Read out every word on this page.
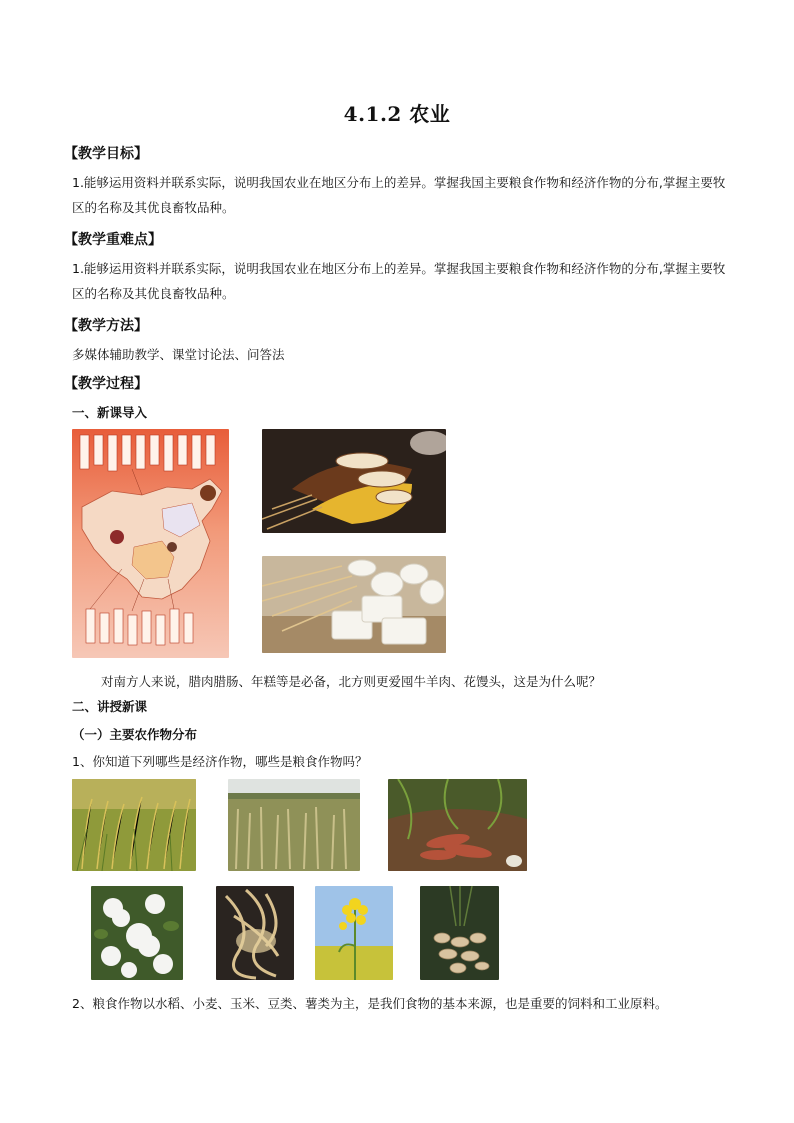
4.1.2 农业
【教学目标】
1.能够运用资料并联系实际，说明我国农业在地区分布上的差异。掌握我国主要粮食作物和经济作物的分布,掌握主要牧区的名称及其优良畜牧品种。
【教学重难点】
1.能够运用资料并联系实际，说明我国农业在地区分布上的差异。掌握我国主要粮食作物和经济作物的分布,掌握主要牧区的名称及其优良畜牧品种。
【教学方法】
多媒体辅助教学、课堂讨论法、问答法
【教学过程】
一、新课导入
对南方人来说，腊肉腊肠、年糕等是必备，北方则更爱囤牛羊肉、花馒头，这是为什么呢？
二、讲授新课
（一）主要农作物分布
1、你知道下列哪些是经济作物，哪些是粮食作物吗？
2、粮食作物以水稻、小麦、玉米、豆类、薯类为主，是我们食物的基本来源，也是重要的饲料和工业原料。
